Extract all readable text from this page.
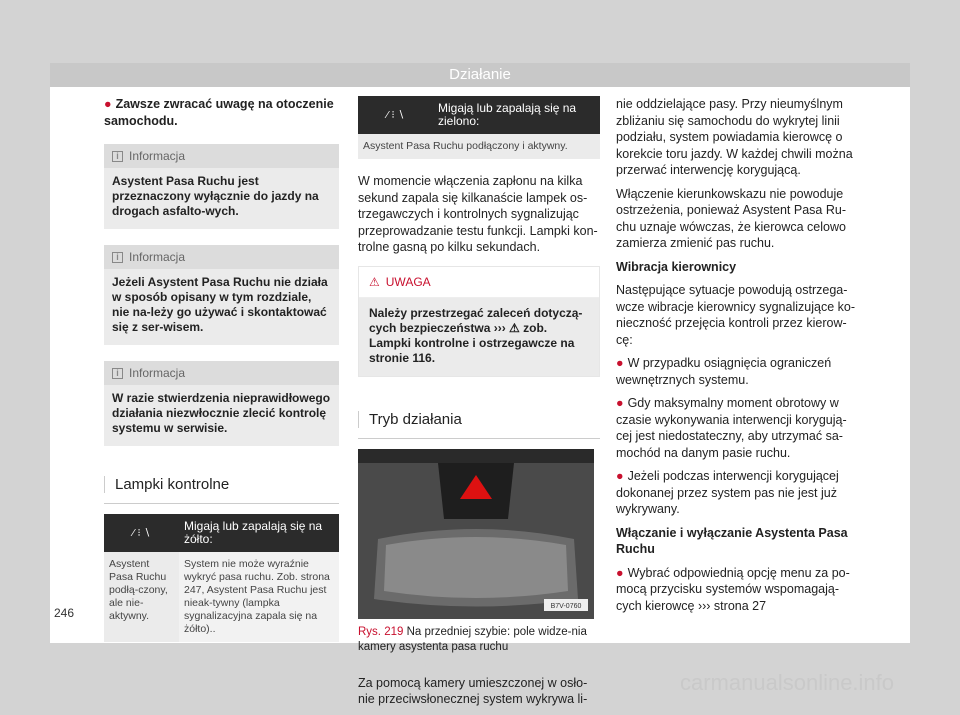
Działanie

● Zawsze zwracać uwagę na otoczenie samochodu.

i Informacja
Asystent Pasa Ruchu jest przeznaczony wyłącznie do jazdy na drogach asfalto-wych.
i Informacja
Jeżeli Asystent Pasa Ruchu nie działa w sposób opisany w tym rozdziale, nie na-leży go używać i skontaktować się z ser-wisem.
i Informacja
W razie stwierdzenia nieprawidłowego działania niezwłocznie zlecić kontrolę systemu w serwisie.
Lampki kontrolne
⁄ ⁝ ∖	Migają lub zapalają się na żółto:
Asystent Pasa Ruchu podłą-czony, ale nie-aktywny.	System nie może wyraźnie wykryć pasa ruchu. Zob. strona 247, Asystent Pasa Ruchu jest nieak-tywny (lampka sygnalizacyjna zapala się na żółto)..
⁄ ⁝ ∖	Migają lub zapalają się na zielono:
Asystent Pasa Ruchu podłączony i aktywny.

W momencie włączenia zapłonu na kilka sekund zapala się kilkanaście lampek os-trzegawczych i kontrolnych sygnalizując przeprowadzanie testu funkcji. Lampki kon-trolne gasną po kilku sekundach.

⚠ UWAGA
Należy przestrzegać zaleceń dotyczą-cych bezpieczeństwa ››› ⚠ zob. Lampki kontrolne i ostrzegawcze na stronie 116.
Tryb działania
B7V-0760
Rys. 219 Na przedniej szybie: pole widze-nia kamery asystenta pasa ruchu

Za pomocą kamery umieszczonej w osło-nie przeciwsłonecznej system wykrywa li-

nie oddzielające pasy. Przy nieumyślnym zbliżaniu się samochodu do wykrytej linii podziału, system powiadamia kierowcę o korekcie toru jazdy. W każdej chwili można przerwać interwencję korygującą.

Włączenie kierunkowskazu nie powoduje ostrzeżenia, ponieważ Asystent Pasa Ru-chu uznaje wówczas, że kierowca celowo zamierza zmienić pas ruchu.

Wibracja kierownicy

Następujące sytuacje powodują ostrzega-wcze wibracje kierownicy sygnalizujące ko-nieczność przejęcia kontroli przez kierow-cę:

● W przypadku osiągnięcia ograniczeń wewnętrznych systemu.

● Gdy maksymalny moment obrotowy w czasie wykonywania interwencji korygują-cej jest niedostateczny, aby utrzymać sa-mochód na danym pasie ruchu.

● Jeżeli podczas interwencji korygującej dokonanej przez system pas nie jest już wykrywany.

Włączanie i wyłączanie Asystenta Pasa Ruchu

● Wybrać odpowiednią opcję menu za po-mocą przycisku systemów wspomagają-cych kierowcę ››› strona 27

246
carmanualsonline.info
